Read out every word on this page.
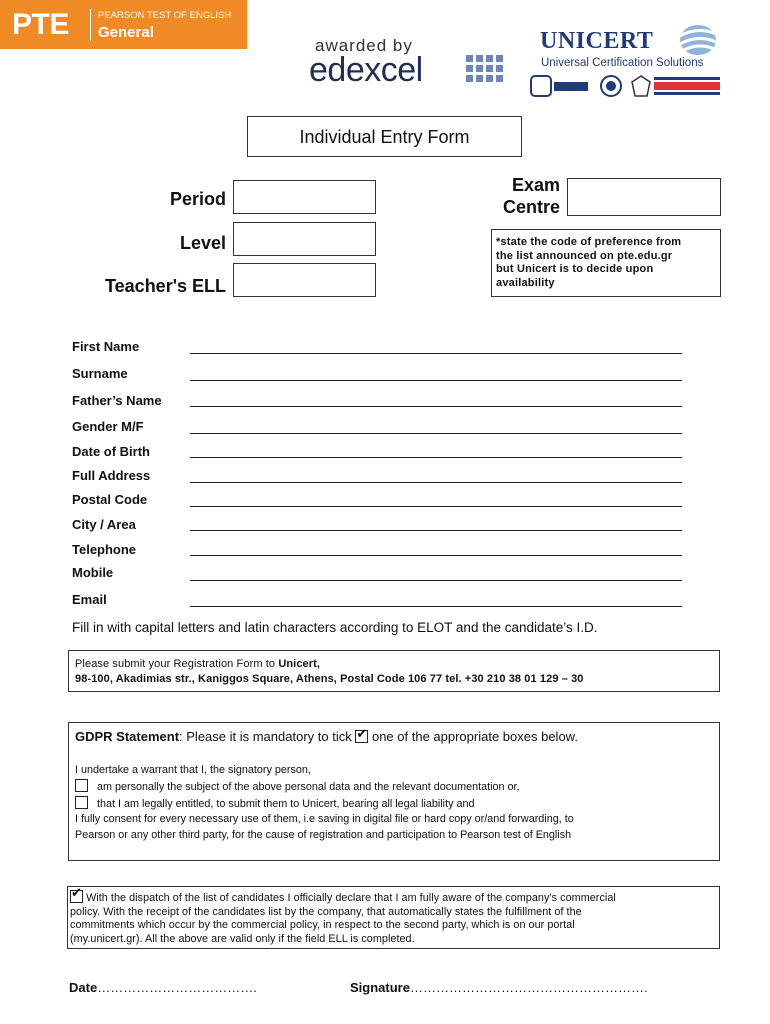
PTE	PEARSON TEST OF ENGLISH
General
awarded by
edexcel
UNICERT
Universal Certification Solutions
Individual Entry Form
Period
Level
Teacher's ELL
Exam
Centre
*state the code of preference from
the list announced on pte.edu.gr
but Unicert is to decide upon
availability
First Name
Surname
Father’s Name
Gender M/F
Date of Birth
Full Address
Postal Code
City / Area
Telephone
Mobile
Email
Fill in with capital letters and latin characters according to ELOT and the candidate’s I.D.
Please submit your Registration Form to Unicert,
98-100, Akadimias str., Kaniggos Square, Athens, Postal Code 106 77 tel. +30 210 38 01 129 – 30
GDPR Statement: Please it is mandatory to tick ✔ one of the appropriate boxes below.
I undertake a warrant that I, the signatory person,
am personally the subject of the above personal data and the relevant documentation or,
that I am legally entitled, to submit them to Unicert, bearing all legal liability and
I fully consent for every necessary use of them, i.e saving in digital file or hard copy or/and forwarding, to
Pearson or any other third party, for the cause of registration and participation to Pearson test of English
✔ With the dispatch of the list of candidates I officially declare that I am fully aware of the company’s commercial
policy. With the receipt of the candidates list by the company, that automatically states the fulfillment of the
commitments which occur by the commercial policy, in respect to the second party, which is on our portal
(my.unicert.gr). All the above are valid only if the field ELL is completed.
Date……………………………….	Signature……………………………………………….
